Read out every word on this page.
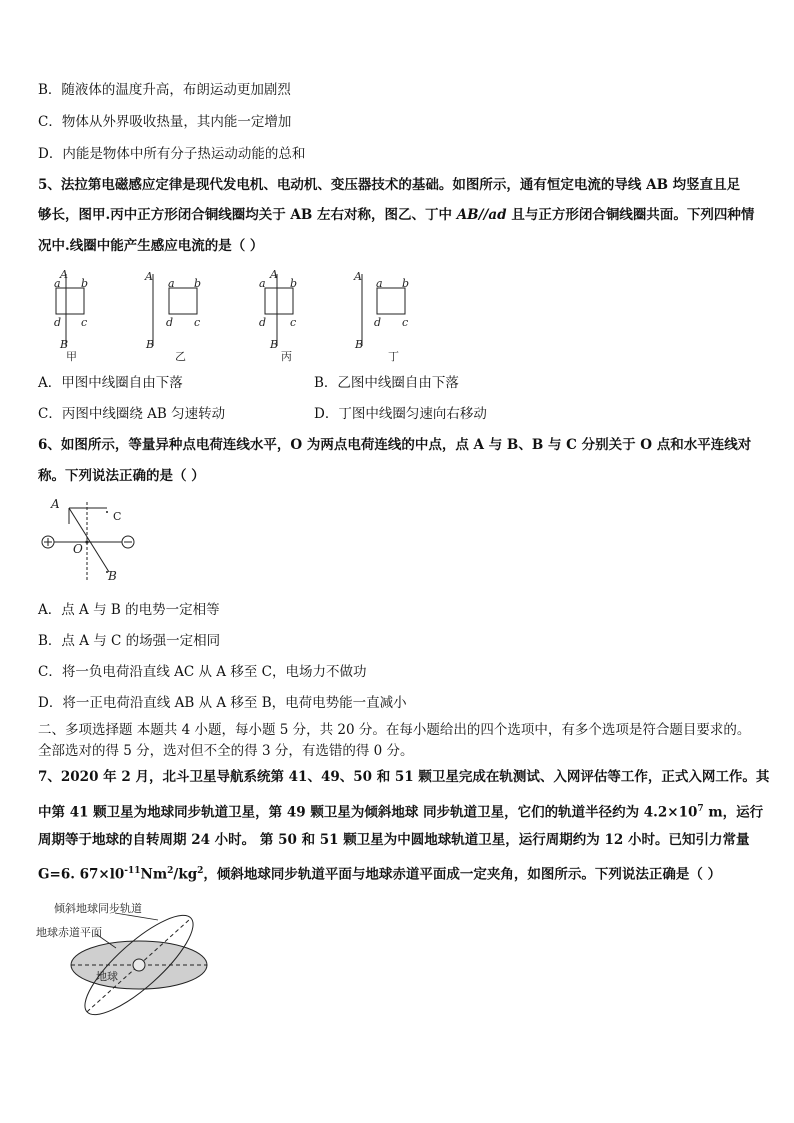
B．随液体的温度升高，布朗运动更加剧烈
C．物体从外界吸收热量，其内能一定增加
D．内能是物体中所有分子热运动动能的总和
5、法拉第电磁感应定律是现代发电机、电动机、变压器技术的基础。如图所示，通有恒定电流的导线 AB 均竖直且足
够长，图甲.丙中正方形闭合铜线圈均关于 AB 左右对称，图乙、丁中 AB//ad 且与正方形闭合铜线圈共面。下列四种情
况中.线圈中能产生感应电流的是（ ）
A
a b
d c
B
甲
A
a b
d c
B
乙
A
a b
d c
B
丙
A
a b
d c
B
丁
A．甲图中线圈自由下落	B．乙图中线圈自由下落
C．丙图中线圈绕 AB 匀速转动	D．丁图中线圈匀速向右移动
6、如图所示，等量异种点电荷连线水平，O 为两点电荷连线的中点，点 A 与 B、B 与 C 分别关于 O 点和水平连线对
称。下列说法正确的是（ ）
A
O
B
C
A．点 A 与 B 的电势一定相等
B．点 A 与 C 的场强一定相同
C．将一负电荷沿直线 AC 从 A 移至 C，电场力不做功
D．将一正电荷沿直线 AB 从 A 移至 B，电荷电势能一直减小
二、多项选择题 本题共 4 小题，每小题 5 分，共 20 分。在每小题给出的四个选项中，有多个选项是符合题目要求的。
全部选对的得 5 分，选对但不全的得 3 分，有选错的得 0 分。
7、2020 年 2 月，北斗卫星导航系统第 41、49、50 和 51 颗卫星完成在轨测试、入网评估等工作，正式入网工作。其
中第 41 颗卫星为地球同步轨道卫星，第 49 颗卫星为倾斜地球 同步轨道卫星，它们的轨道半径约为 $4.2\times 10^7$ m，运行
周期等于地球的自转周期 24 小时。 第 50 和 51 颗卫星为中圆地球轨道卫星，运行周期约为 12 小时。已知引力常量
G=6. $67\times l0^{-11}Nm^2/kg^2$，倾斜地球同步轨道平面与地球赤道平面成一定夹角，如图所示。下列说法正确是（ ）
倾斜地球同步轨道
地球赤道平面
地球
